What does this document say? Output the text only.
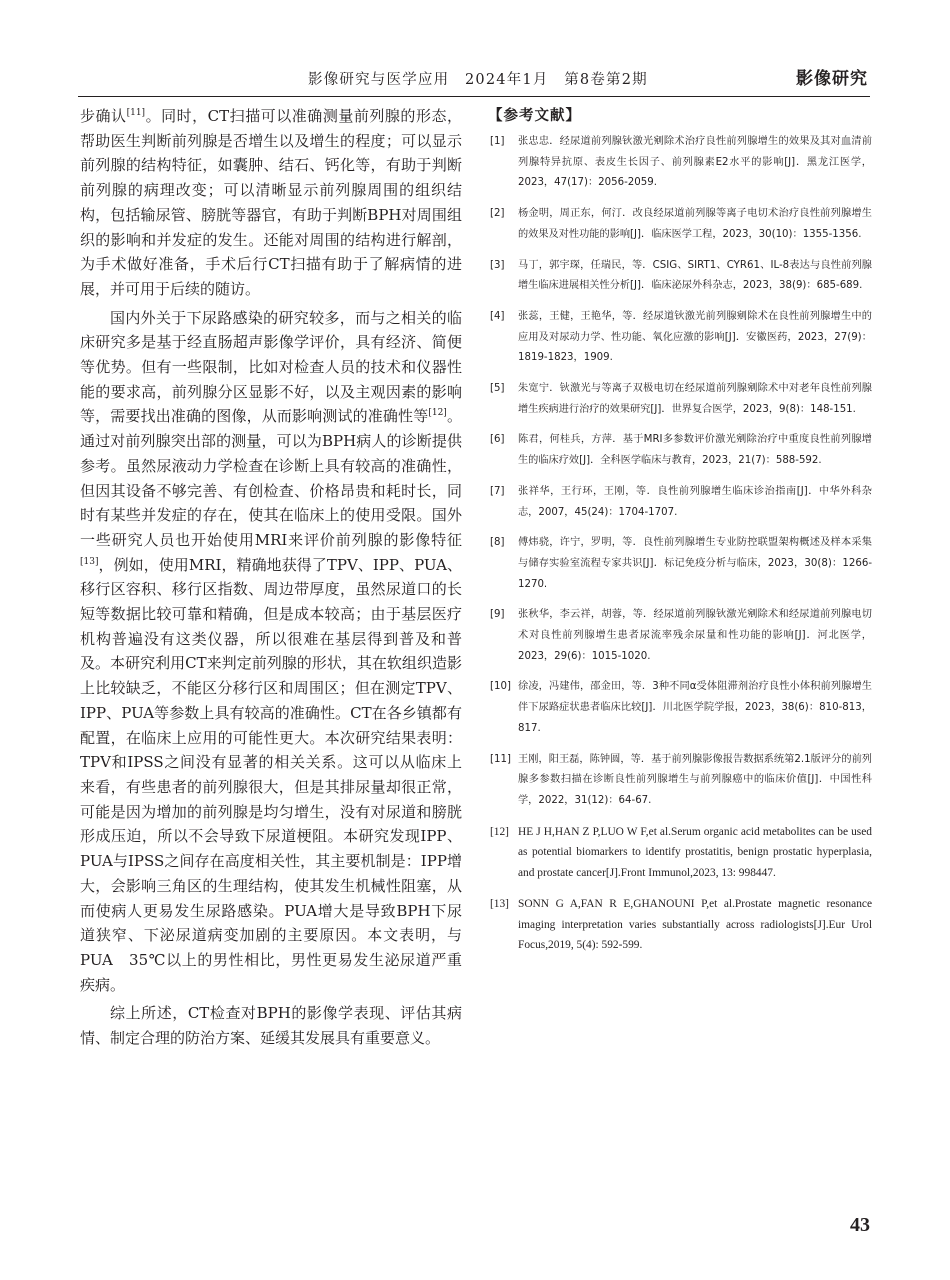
影像研究与医学应用　2024年1月　第8卷第2期	影像研究

步确认[11]。同时，CT扫描可以准确测量前列腺的形态，帮助医生判断前列腺是否增生以及增生的程度；可以显示前列腺的结构特征，如囊肿、结石、钙化等，有助于判断前列腺的病理改变；可以清晰显示前列腺周围的组织结构，包括输尿管、膀胱等器官，有助于判断BPH对周围组织的影响和并发症的发生。还能对周围的结构进行解剖，为手术做好准备，手术后行CT扫描有助于了解病情的进展，并可用于后续的随访。

国内外关于下尿路感染的研究较多，而与之相关的临床研究多是基于经直肠超声影像学评价，具有经济、简便等优势。但有一些限制，比如对检查人员的技术和仪器性能的要求高，前列腺分区显影不好，以及主观因素的影响等，需要找出准确的图像，从而影响测试的准确性等[12]。通过对前列腺突出部的测量，可以为BPH病人的诊断提供参考。虽然尿液动力学检查在诊断上具有较高的准确性，但因其设备不够完善、有创检查、价格昂贵和耗时长，同时有某些并发症的存在，使其在临床上的使用受限。国外一些研究人员也开始使用MRI来评价前列腺的影像特征[13]，例如，使用MRI，精确地获得了TPV、IPP、PUA、移行区容积、移行区指数、周边带厚度，虽然尿道口的长短等数据比较可靠和精确，但是成本较高；由于基层医疗机构普遍没有这类仪器，所以很难在基层得到普及和普及。本研究利用CT来判定前列腺的形状，其在软组织造影上比较缺乏，不能区分移行区和周围区；但在测定TPV、IPP、PUA等参数上具有较高的准确性。CT在各乡镇都有配置，在临床上应用的可能性更大。本次研究结果表明：TPV和IPSS之间没有显著的相关关系。这可以从临床上来看，有些患者的前列腺很大，但是其排尿量却很正常，可能是因为增加的前列腺是均匀增生，没有对尿道和膀胱形成压迫，所以不会导致下尿道梗阻。本研究发现IPP、PUA与IPSS之间存在高度相关性，其主要机制是：IPP增大，会影响三角区的生理结构，使其发生机械性阻塞，从而使病人更易发生尿路感染。PUA增大是导致BPH下尿道狭窄、下泌尿道病变加剧的主要原因。本文表明，与PUA　35℃以上的男性相比，男性更易发生泌尿道严重疾病。

综上所述，CT检查对BPH的影像学表现、评估其病情、制定合理的防治方案、延缓其发展具有重要意义。

【参考文献】
[1] 张忠忠．经尿道前列腺钬激光剜除术治疗良性前列腺增生的效果及其对血清前列腺特异抗原、表皮生长因子、前列腺素E2水平的影响[J]．黑龙江医学，2023，47(17)：2056-2059.
[2] 杨金明，周正东，何汀．改良经尿道前列腺等离子电切术治疗良性前列腺增生的效果及对性功能的影响[J]．临床医学工程，2023，30(10)：1355-1356.
[3] 马丁，郭宇琛，任瑞民，等．CSIG、SIRT1、CYR61、IL-8表达与良性前列腺增生临床进展相关性分析[J]．临床泌尿外科杂志，2023，38(9)：685-689.
[4] 张蕊，王健，王艳华，等．经尿道钬激光前列腺剜除术在良性前列腺增生中的应用及对尿动力学、性功能、氧化应激的影响[J]．安徽医药，2023，27(9)：1819-1823，1909.
[5] 朱宽宁．钬激光与等离子双极电切在经尿道前列腺剜除术中对老年良性前列腺增生疾病进行治疗的效果研究[J]．世界复合医学，2023，9(8)：148-151.
[6] 陈君，何桂兵，方萍．基于MRI多参数评价激光剜除治疗中重度良性前列腺增生的临床疗效[J]．全科医学临床与教育，2023，21(7)：588-592.
[7] 张祥华，王行环，王刚，等．良性前列腺增生临床诊治指南[J]．中华外科杂志，2007，45(24)：1704-1707.
[8] 傅炜骁，许宁，罗明，等．良性前列腺增生专业防控联盟架构概述及样本采集与储存实验室流程专家共识[J]．标记免疫分析与临床，2023，30(8)：1266-1270.
[9] 张秋华，李云祥，胡蓉，等．经尿道前列腺钬激光剜除术和经尿道前列腺电切术对良性前列腺增生患者尿流率残余尿量和性功能的影响[J]．河北医学，2023，29(6)：1015-1020.
[10] 徐凌，冯建伟，邵金田，等．3种不同α受体阻滞剂治疗良性小体积前列腺增生伴下尿路症状患者临床比较[J]．川北医学院学报，2023，38(6)：810-813，817.
[11] 王刚，阳王磊，陈钟圆，等．基于前列腺影像报告数据系统第2.1版评分的前列腺多参数扫描在诊断良性前列腺增生与前列腺癌中的临床价值[J]．中国性科学，2022，31(12)：64-67.
[12] HE J H,HAN Z P,LUO W F,et al.Serum organic acid metabolites can be used as potential biomarkers to identify prostatitis, benign prostatic hyperplasia, and prostate cancer[J].Front Immunol,2023, 13: 998447.
[13] SONN G A,FAN R E,GHANOUNI P,et al.Prostate magnetic resonance imaging interpretation varies substantially across radiologists[J].Eur Urol Focus,2019, 5(4): 592-599.
43
